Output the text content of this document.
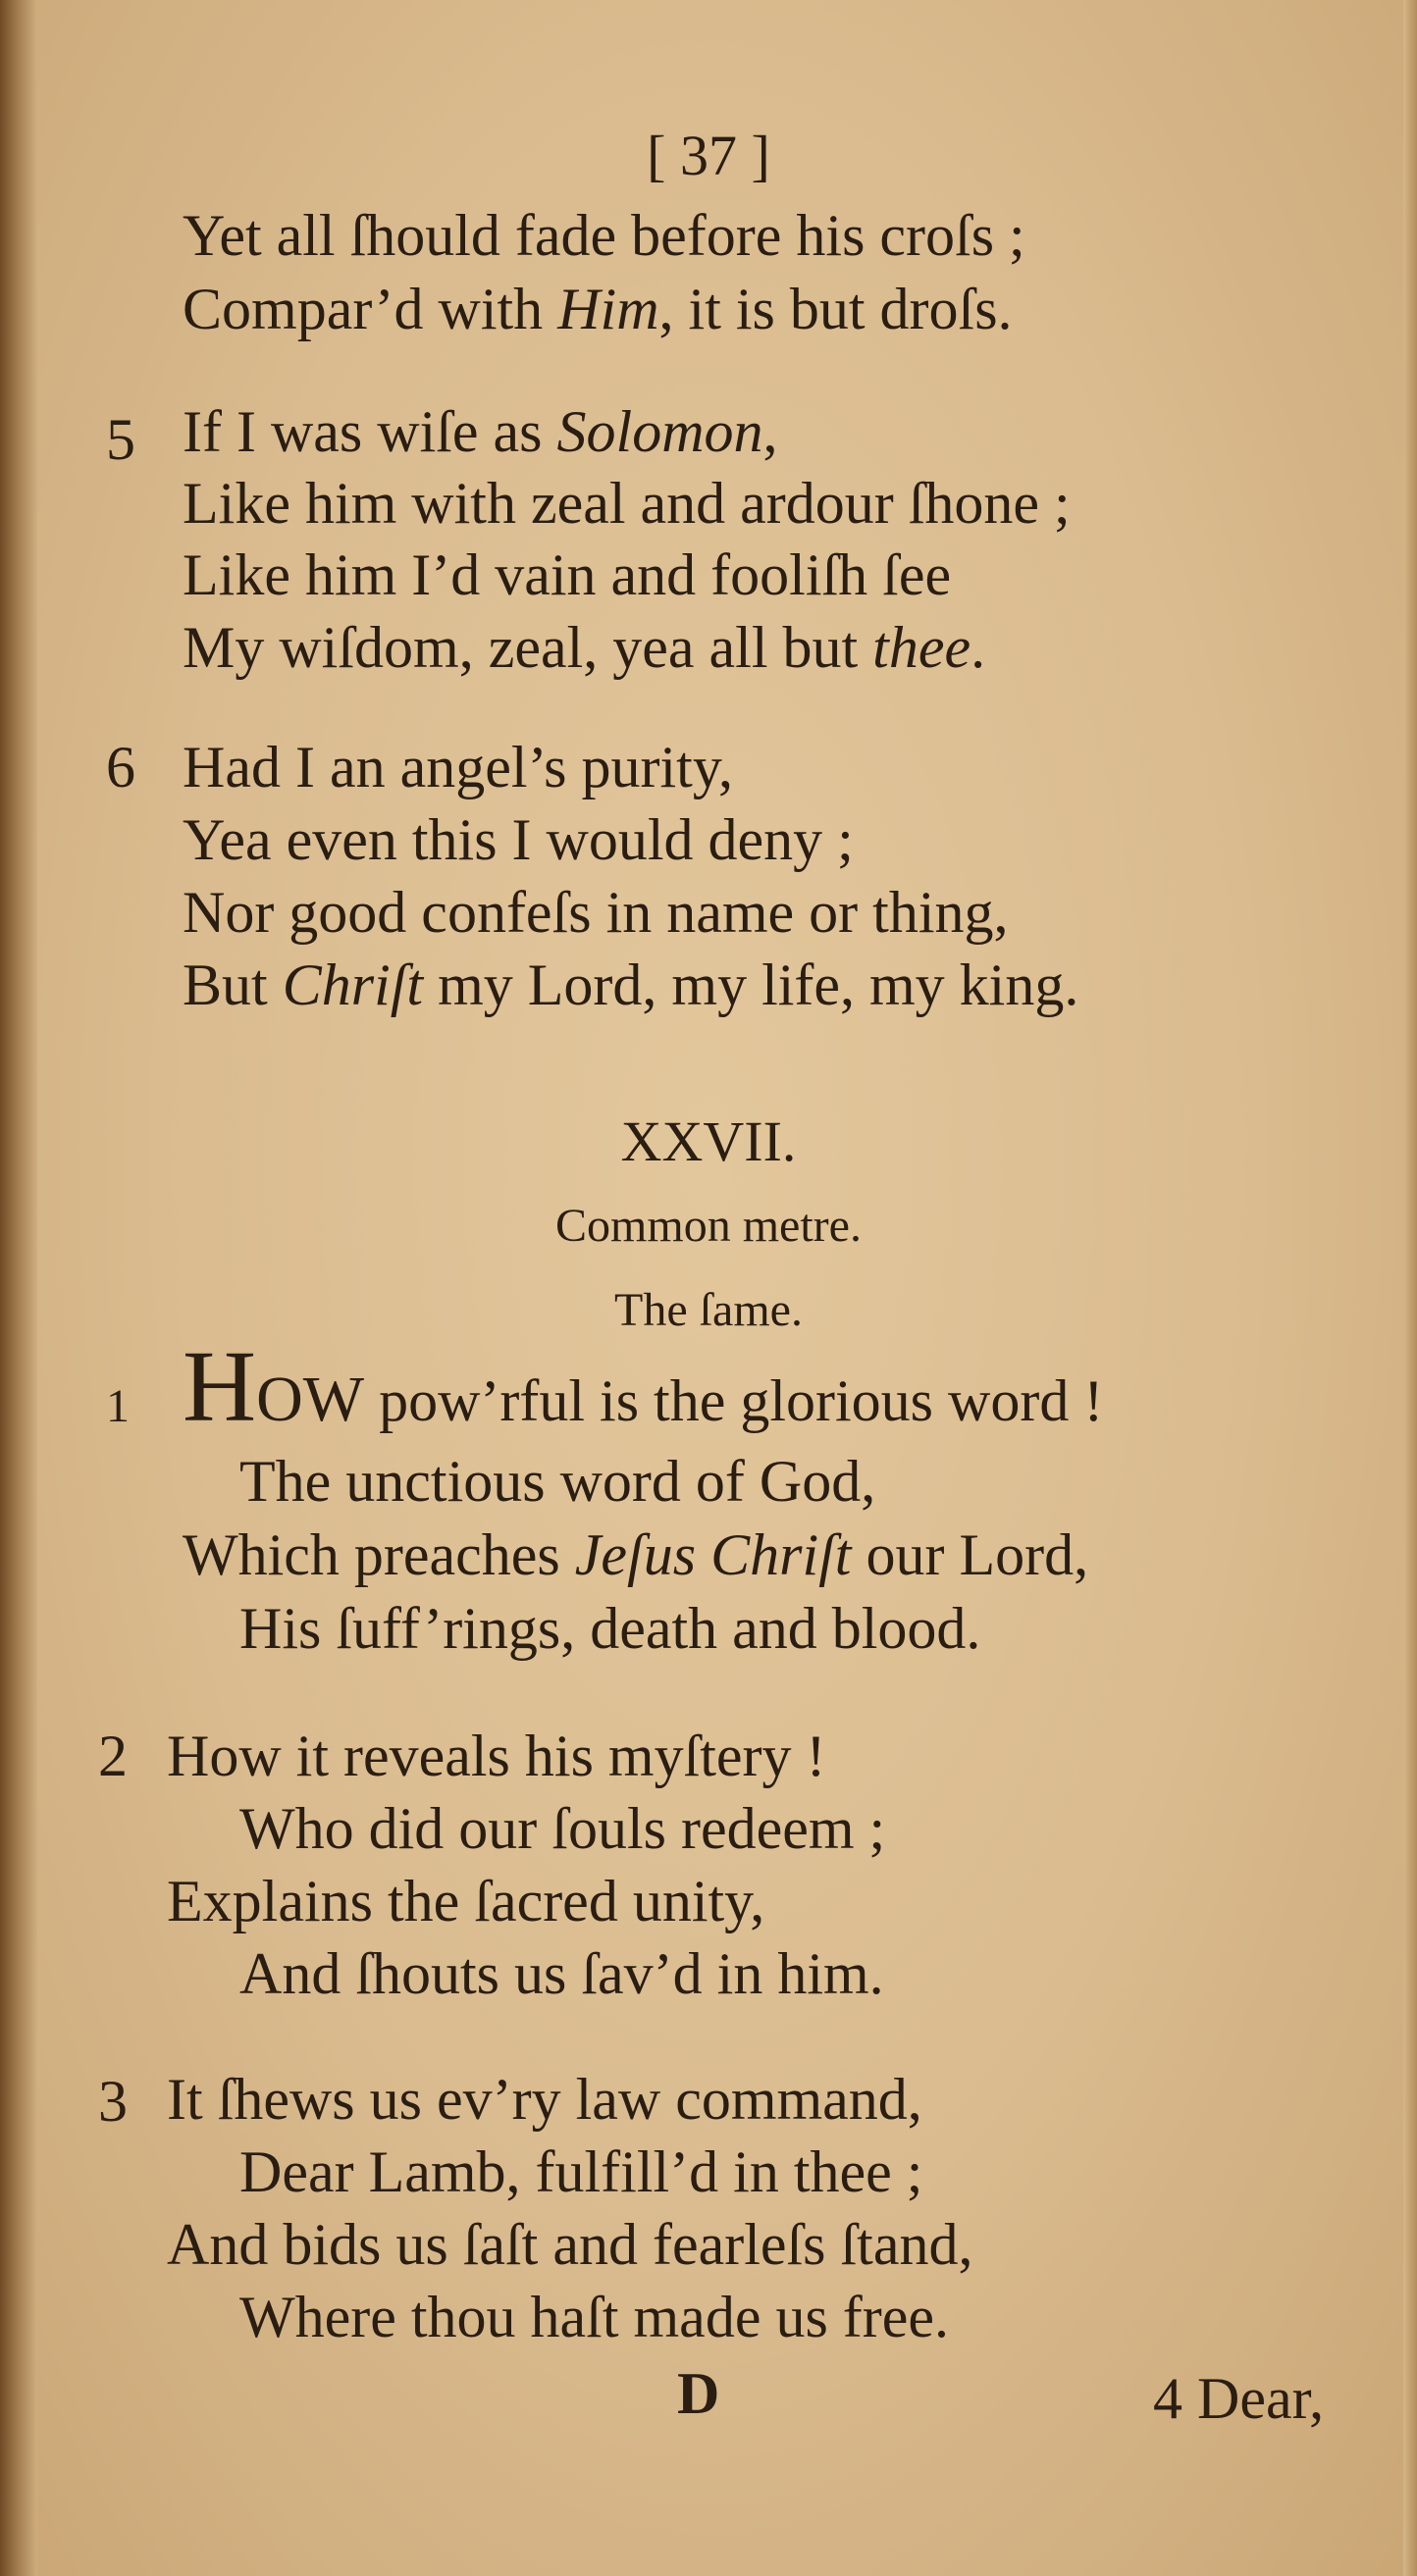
[ 37 ]
Yet all ſhould fade before his croſs ;
Compar’d with Him, it is but droſs.
5 If I was wiſe as Solomon,
Like him with zeal and ardour ſhone ;
Like him I’d vain and fooliſh ſee
My wiſdom, zeal, yea all but thee.
6 Had I an angel’s purity,
Yea even this I would deny ;
Nor good confeſs in name or thing,
But Chriſt my Lord, my life, my king.
XXVII.
Common metre.
The ſame.
1 HOW pow’rful is the glorious word !
The unctious word of God,
Which preaches Jeſus Chriſt our Lord,
His ſuff’rings, death and blood.
2 How it reveals his myſtery !
Who did our ſouls redeem ;
Explains the ſacred unity,
And ſhouts us ſav’d in him.
3 It ſhews us ev’ry law command,
Dear Lamb, fulfill’d in thee ;
And bids us ſaſt and fearleſs ſtand,
Where thou haſt made us free.
D	4 Dear,
